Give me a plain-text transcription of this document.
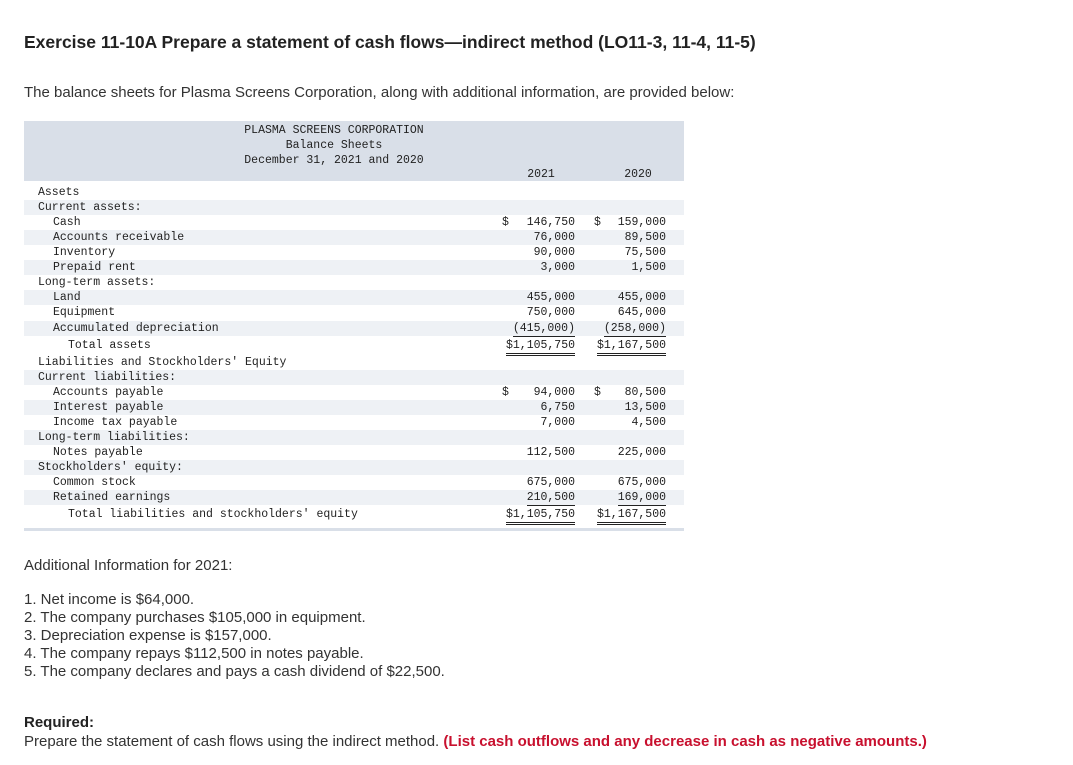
Exercise 11-10A Prepare a statement of cash flows—indirect method (LO11-3, 11-4, 11-5)
The balance sheets for Plasma Screens Corporation, along with additional information, are provided below:
PLASMA SCREENS CORPORATION
Balance Sheets
December 31, 2021 and 2020
2021	2020
Assets
Current assets:
Cash	$ 146,750 $ 159,000
Accounts receivable	76,000	89,500
Inventory	90,000	75,500
Prepaid rent	3,000	1,500
Long-term assets:
Land	455,000	455,000
Equipment	750,000	645,000
Accumulated depreciation	(415,000)	(258,000)
Total assets	$1,105,750 $1,167,500
Liabilities and Stockholders' Equity
Current liabilities:
Accounts payable	$ 94,000 $ 80,500
Interest payable	6,750	13,500
Income tax payable	7,000	4,500
Long-term liabilities:
Notes payable	112,500	225,000
Stockholders' equity:
Common stock	675,000	675,000
Retained earnings	210,500	169,000
Total liabilities and stockholders' equity	$1,105,750 $1,167,500
Additional Information for 2021:
1. Net income is $64,000.
2. The company purchases $105,000 in equipment.
3. Depreciation expense is $157,000.
4. The company repays $112,500 in notes payable.
5. The company declares and pays a cash dividend of $22,500.
Required:
Prepare the statement of cash flows using the indirect method. (List cash outflows and any decrease in cash as negative amounts.)
